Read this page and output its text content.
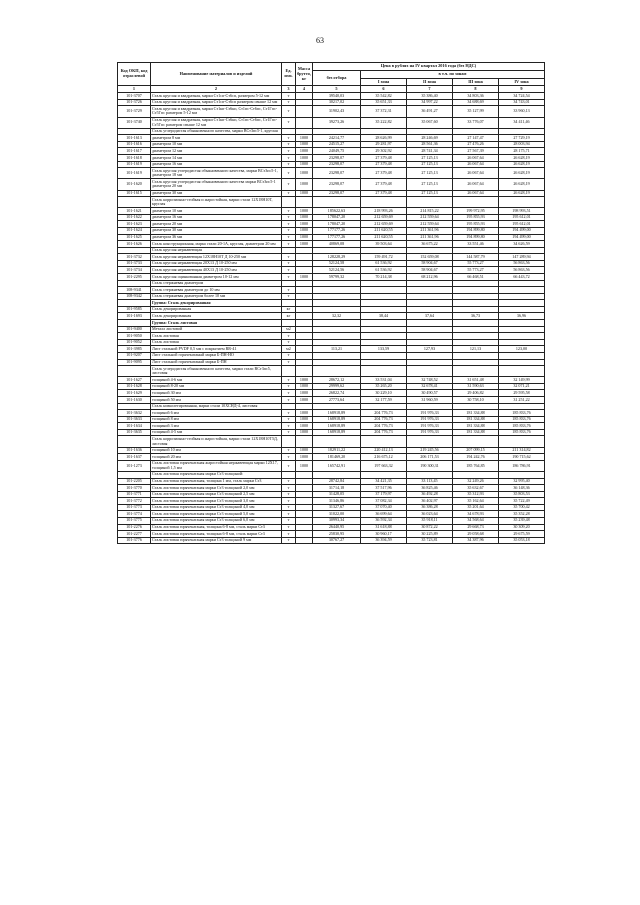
63
Код ОКП, код отраслевой	Наименование материалов и изделий	Ед. изм.	Масса брутто, кг	Цена в рублях на IV квартал 2016 года (без НДС)				
				без отбора	в т.ч. по зонам			
					I зона	II зона	III зона	IV зона
1	2	3	4	5	6	7	8	9
101-3707	Сталь круглая и квадратная, марки Ст1сп-Ст6сп, размером 5-12 мм	т		39540,03	35 542,82	35 386,40	34 803,36	34 724,54
101-3726	Сталь круглая и квадратная, марки Ст1сп-Ст6сп размером свыше 12 мм	т		30217,02	35 651,33	34 997,22	34 688,69	34 743,01
101-3729	Сталь круглая и квадратная, марки Ст1кп-Ст6кп, Ст1пс-Ст6пс, Ст1Гпс-Ст5Гпс размером 5-12 мм	т		31902,43	37 372,31	36 491,27	35 127,99	33 960,13
101-3740	Сталь круглая и квадратная, марки Ст1кп-Ст6кп, Ст1пс-Ст6пс, Ст1Гпс-Ст5Гпс размером свыше 12 мм	т		39273,26	35 222,82	35 067,60	33 776,07	34 411,46
	Сталь углеродистая обыкновенного качества, марки ВСт3пс5-1, круглая							
101-1613	диаметром 8 мм	т	1000	24214,77	28 626,99	28 246,69	27 147,47	27 729,19
101-1616	диаметром 10 мм	т	1000	24515,27	29 281,97	28 561,36	27 476,26	28 003,94
101-1617	диаметром 12 мм	т	1000	24049,75	29 302,92	28 741,34	27 567,39	28 175,71
101-1618	диаметром 14 мм	т	1000	23298,07	27 379,48	27 125,13	26 067,64	26 628,19
101-1619	диаметром 16 мм	т	1000	23298,07	27 379,48	27 125,13	26 067,64	26 628,19
101-1619	Сталь круглая углеродистая обыкновенного качества, марки ВСт3пс5-1, диаметром 18 мм	т	1000	23298,07	27 379,48	27 125,13	26 067,64	26 628,19
101-1620	Сталь круглая углеродистая обыкновенного качества марки ВСт3пс5-1 диаметром 20 мм	т	1000	23298,07	27 379,48	27 125,13	26 067,64	26 628,19
101-1615	диаметром 30 мм	т	1000	23298,07	27 379,48	27 125,13	26 067,64	26 628,19
	Сталь коррозионно-стойкая и жаростойкая, марки стали 12Х18Н10Т, круглая							
101-1621	диаметром 10 мм	т	1000	185622,63	218 993,26	214 815,22	199 972,95	198 993,51
101-1622	диаметром 16 мм	т	1000	178047,20	212 659,69	212 559,64	195 855,93	195 612,01
101-1623	диаметром 20 мм	т	1000	178047,20	212 659,69	212 559,64	195 855,93	195 612,01
101-1624	диаметром 30 мм	т	1000	177177,26	211 620,55	211 361,96	194 899,80	194 499,00
101-1625	диаметром 36 мм	т	1000	177177,26	211 620,55	211 361,96	194 899,80	194 499,00
101-1626	Сталь конструкционная, марка стали 20-1А, круглая, диаметром 20 мм	т	1000	40869,08	39 503,64	36 675,22	33 551,46	34 626,59
	Сталь круглая нержавеющая							
101-3732	Сталь круглая нержавеющая 12Х18Н10Т Д 10-250 мм	т		128228,29	159 491,72	152 659,08	144 587,79	147 289,94
101-3733	Сталь круглая нержавеющая 20Х13 Д 10-250 мм	т		52124,58	61 536,92	58 904,67	55 773,27	56 863,56
101-3734	Сталь круглая нержавеющая 40Х13 Д 10-250 мм	т		52124,56	61 536,92	58 904,67	55 773,27	56 863,56
101-2295	Сталь круглая оцинкованная диаметром 10-12 мм	т	1000	59799,32	70 214,38	68 212,96	66 468,51	66 443,72
	Сталь стержневая диаметром							
108-9341	Сталь стержневая диаметром до 10 мм	т						
108-9342	Сталь стержневая диаметром более 10 мм	т						
	Группа: Сталь декорированная							
101-9585	Сталь декорированная	кг						
101-1693	Сталь декорированная	кг		32,32	38,44	37,64	36,73	36,96
	Группа: Сталь листовая							
101-9400	Металл листовой	м2						
101-9050	Сталь листовая	т						
101-9052	Сталь листовая	т						
101-3985	Лист стальной PVDF 0,5 мм с покрытием RR-41	м2		113,21	133,59	127,93	121,13	123,00
101-9207	Лист стальной горячекатаный марки Б-ПН-НО	т						
101-9095	Лист стальной горячекатаный марки Б-ПН	т						
	Сталь углеродистая обыкновенного качества, марки стали ВСт3пс5, листовая							
101-1627	толщиной 4-6 мм	т	1000	28672,12	33 531,04	32 748,52	31 651,48	32 149,99
101-1628	толщиной 8-20 мм	т	1000	29999,62	35 265,20	32 678,41	31 590,63	32 071,21
101-1629	толщиной 30 мм	т	1000	26822,74	30 229,10	30 490,57	29 406,82	29 595,58
101-1630	толщиной 50 мм	т	1000	27773,64	32 177,59	31 960,59	30 758,10	31 251,22
	Сталь низколегированная, марки стали 10ХСНД-4, листовая							
101-3632	толщиной 6 мм	т	1000	168918,89	204 776,73	191 976,33	181 334,88	185 833,76
101-3633	толщиной 8 мм	т	1000	168918,89	204 776,73	191 976,33	181 334,88	185 833,76
101-1634	толщиной 3 мм	т	1000	168918,89	204 776,73	191 976,33	181 334,88	185 833,76
101-3635	толщиной 4-5 мм	т	1000	168918,89	204 776,73	191 976,33	181 334,88	185 833,76
	Сталь коррозионно-стойкая и жаростойкая, марки стали 12Х18Н10Т5Д, листовая							
101-1636	толщиной 10 мм	т	1000	182911,22	220 412,13	219 245,56	207 099,15	211 314,82
101-1637	толщиной 20 мм	т	1000	181469,20	216 675,12	206 171,53	194 242,76	190 715,62
101-1273	Сталь листовая горячекатаная жаростойкая нержавеющая марки 12Х17, толщиной 1,5 мм	т	1000	165742,91	197 663,32	190 300,31	185 764,85	186 786,91
	Сталь листовая горячекатаная марки Ст3 толщиной:							
101-2205	Сталь листовая горячекатаная, толщина 1 мм, сталь марки Ст3	т		28742,84	34 421,35	33 113,45	32 249,26	32 995,40
101-3770	Сталь листовая горячекатаная марки Ст3 толщиной 2,0 мм	т		31714,18	37 517,96	36 825,46	35 632,67	36 148,36
101-3771	Сталь листовая горячекатаная марки Ст3 толщиной 2,5 мм	т		31428,05	37 179,97	36 492,28	35 312,93	35 803,53
101-3772	Сталь листовая горячекатаная марки Ст3 толщиной 3,0 мм	т		31346,86	37 082,34	36 402,97	35 162,64	35 722,49
101-3773	Сталь листовая горячекатаная марки Ст3 толщиной 4,0 мм	т		31327,67	37 070,40	36 386,28	35 201,64	35 700,42
101-3774	Сталь листовая горячекатаная марки Ст3 толщиной 5,0 мм	т		31022,00	36 699,64	36 023,64	34 678,93	35 352,28
101-3775	Сталь листовая горячекатаная марки Ст3 толщиной 6,0 мм	т		30993,34	36 592,34	35 918,11	34 568,64	35 239,48
101-2276	Сталь листовая горячекатаная, толщина 6-8 мм, сталь марки Ст3	т		26440,95	31 618,88	30 872,22	29 668,73	30 309,20
101-2277	Сталь листовая горячекатаная, толщина 6-8 мм, сталь марки Ст3	т		25830,95	30 960,17	30 225,89	29 058,68	29 675,59
101-3776	Сталь листовая горячекатаная марки Ст3 толщиной 9 мм	т		30767,27	36 394,59	35 723,81	34 387,96	35 053,18
